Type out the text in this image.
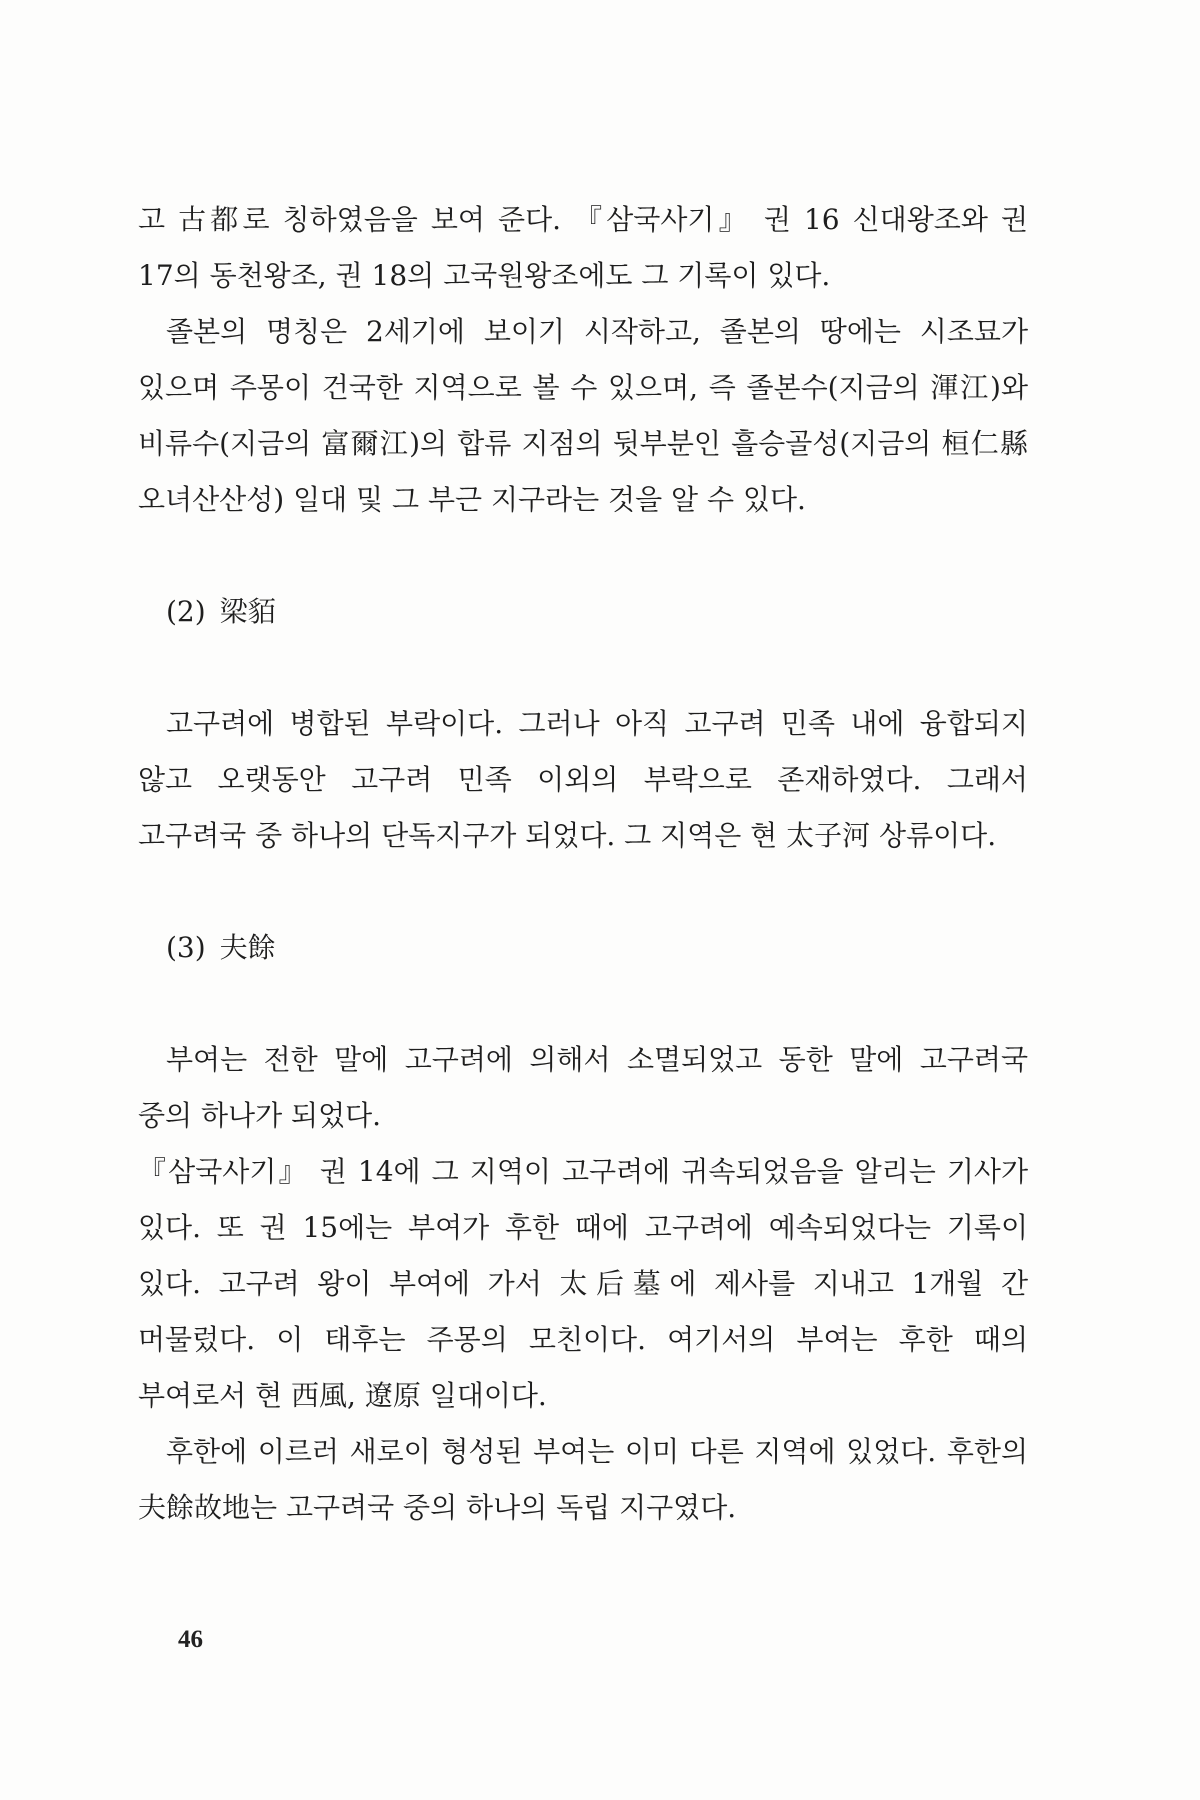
고 古都로 칭하였음을 보여 준다. 『삼국사기』 권 16 신대왕조와 권 17의 동천왕조, 권 18의 고국원왕조에도 그 기록이 있다.

졸본의 명칭은 2세기에 보이기 시작하고, 졸본의 땅에는 시조묘가 있으며 주몽이 건국한 지역으로 볼 수 있으며, 즉 졸본수(지금의 渾江)와 비류수(지금의 富爾江)의 합류 지점의 뒷부분인 흘승골성(지금의 桓仁縣 오녀산산성) 일대 및 그 부근 지구라는 것을 알 수 있다.

(2) 梁貊

고구려에 병합된 부락이다. 그러나 아직 고구려 민족 내에 융합되지 않고 오랫동안 고구려 민족 이외의 부락으로 존재하였다. 그래서 고구려국 중 하나의 단독지구가 되었다. 그 지역은 현 太子河 상류이다.

(3) 夫餘

부여는 전한 말에 고구려에 의해서 소멸되었고 동한 말에 고구려국 중의 하나가 되었다.

『삼국사기』 권 14에 그 지역이 고구려에 귀속되었음을 알리는 기사가 있다. 또 권 15에는 부여가 후한 때에 고구려에 예속되었다는 기록이 있다. 고구려 왕이 부여에 가서 太后墓에 제사를 지내고 1개월 간 머물렀다. 이 태후는 주몽의 모친이다. 여기서의 부여는 후한 때의 부여로서 현 西風, 遼原 일대이다.

후한에 이르러 새로이 형성된 부여는 이미 다른 지역에 있었다. 후한의 夫餘故地는 고구려국 중의 하나의 독립 지구였다.

46
